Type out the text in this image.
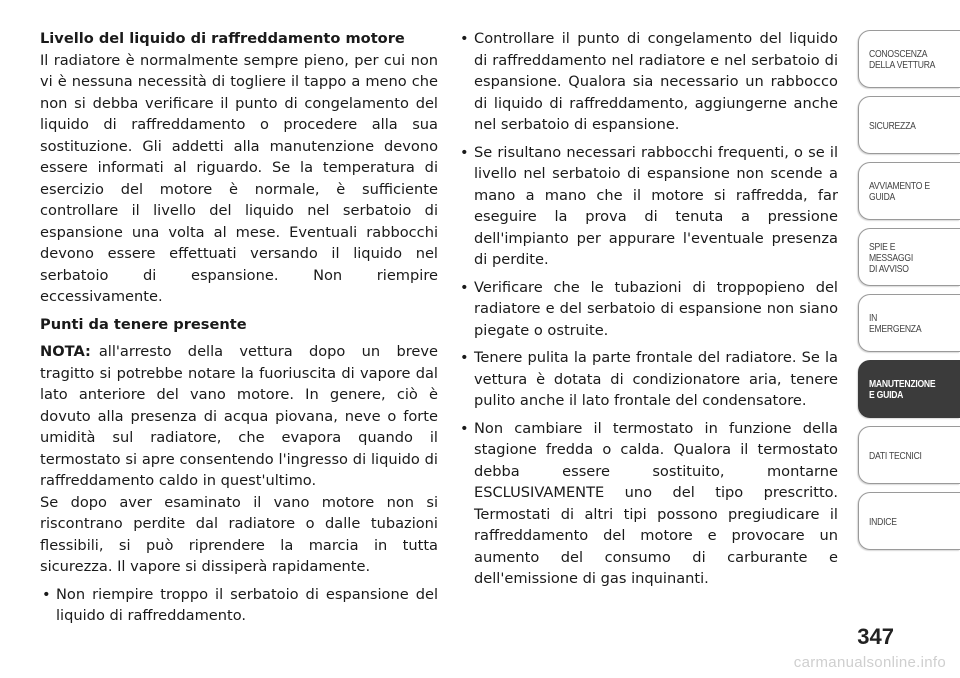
Livello del liquido di raffreddamento motore

Il radiatore è normalmente sempre pieno, per cui non vi è nessuna necessità di togliere il tappo a meno che non si debba verificare il punto di congelamento del liquido di raffreddamento o procedere alla sua sostituzione. Gli addetti alla manutenzione devono essere informati al riguardo. Se la temperatura di esercizio del motore è normale, è sufficiente controllare il livello del liquido nel serbatoio di espansione una volta al mese. Eventuali rabbocchi devono essere effettuati versando il liquido nel serbatoio di espansione. Non riempire eccessivamente.

Punti da tenere presente

NOTA: all'arresto della vettura dopo un breve tragitto si potrebbe notare la fuoriuscita di vapore dal lato anteriore del vano motore. In genere, ciò è dovuto alla presenza di acqua piovana, neve o forte umidità sul radiatore, che evapora quando il termostato si apre consentendo l'ingresso di liquido di raffreddamento caldo in quest'ultimo.

Se dopo aver esaminato il vano motore non si riscontrano perdite dal radiatore o dalle tubazioni flessibili, si può riprendere la marcia in tutta sicurezza. Il vapore si dissiperà rapidamente.

• Non riempire troppo il serbatoio di espansione del liquido di raffreddamento.
• Controllare il punto di congelamento del liquido di raffreddamento nel radiatore e nel serbatoio di espansione. Qualora sia necessario un rabbocco di liquido di raffreddamento, aggiungerne anche nel serbatoio di espansione.
• Se risultano necessari rabbocchi frequenti, o se il livello nel serbatoio di espansione non scende a mano a mano che il motore si raffredda, far eseguire la prova di tenuta a pressione dell'impianto per appurare l'eventuale presenza di perdite.
• Verificare che le tubazioni di troppopieno del radiatore e del serbatoio di espansione non siano piegate o ostruite.
• Tenere pulita la parte frontale del radiatore. Se la vettura è dotata di condizionatore aria, tenere pulito anche il lato frontale del condensatore.
• Non cambiare il termostato in funzione della stagione fredda o calda. Qualora il termostato debba essere sostituito, montarne ESCLUSIVAMENTE uno del tipo prescritto. Termostati di altri tipi possono pregiudicare il raffreddamento del motore e provocare un aumento del consumo di carburante e dell'emissione di gas inquinanti.
CONOSCENZA
DELLA VETTURA
SICUREZZA
AVVIAMENTO E
GUIDA
SPIE E
MESSAGGI
DI AVVISO
IN
EMERGENZA
MANUTENZIONE
E GUIDA
DATI TECNICI
INDICE
347
carmanualsonline.info
